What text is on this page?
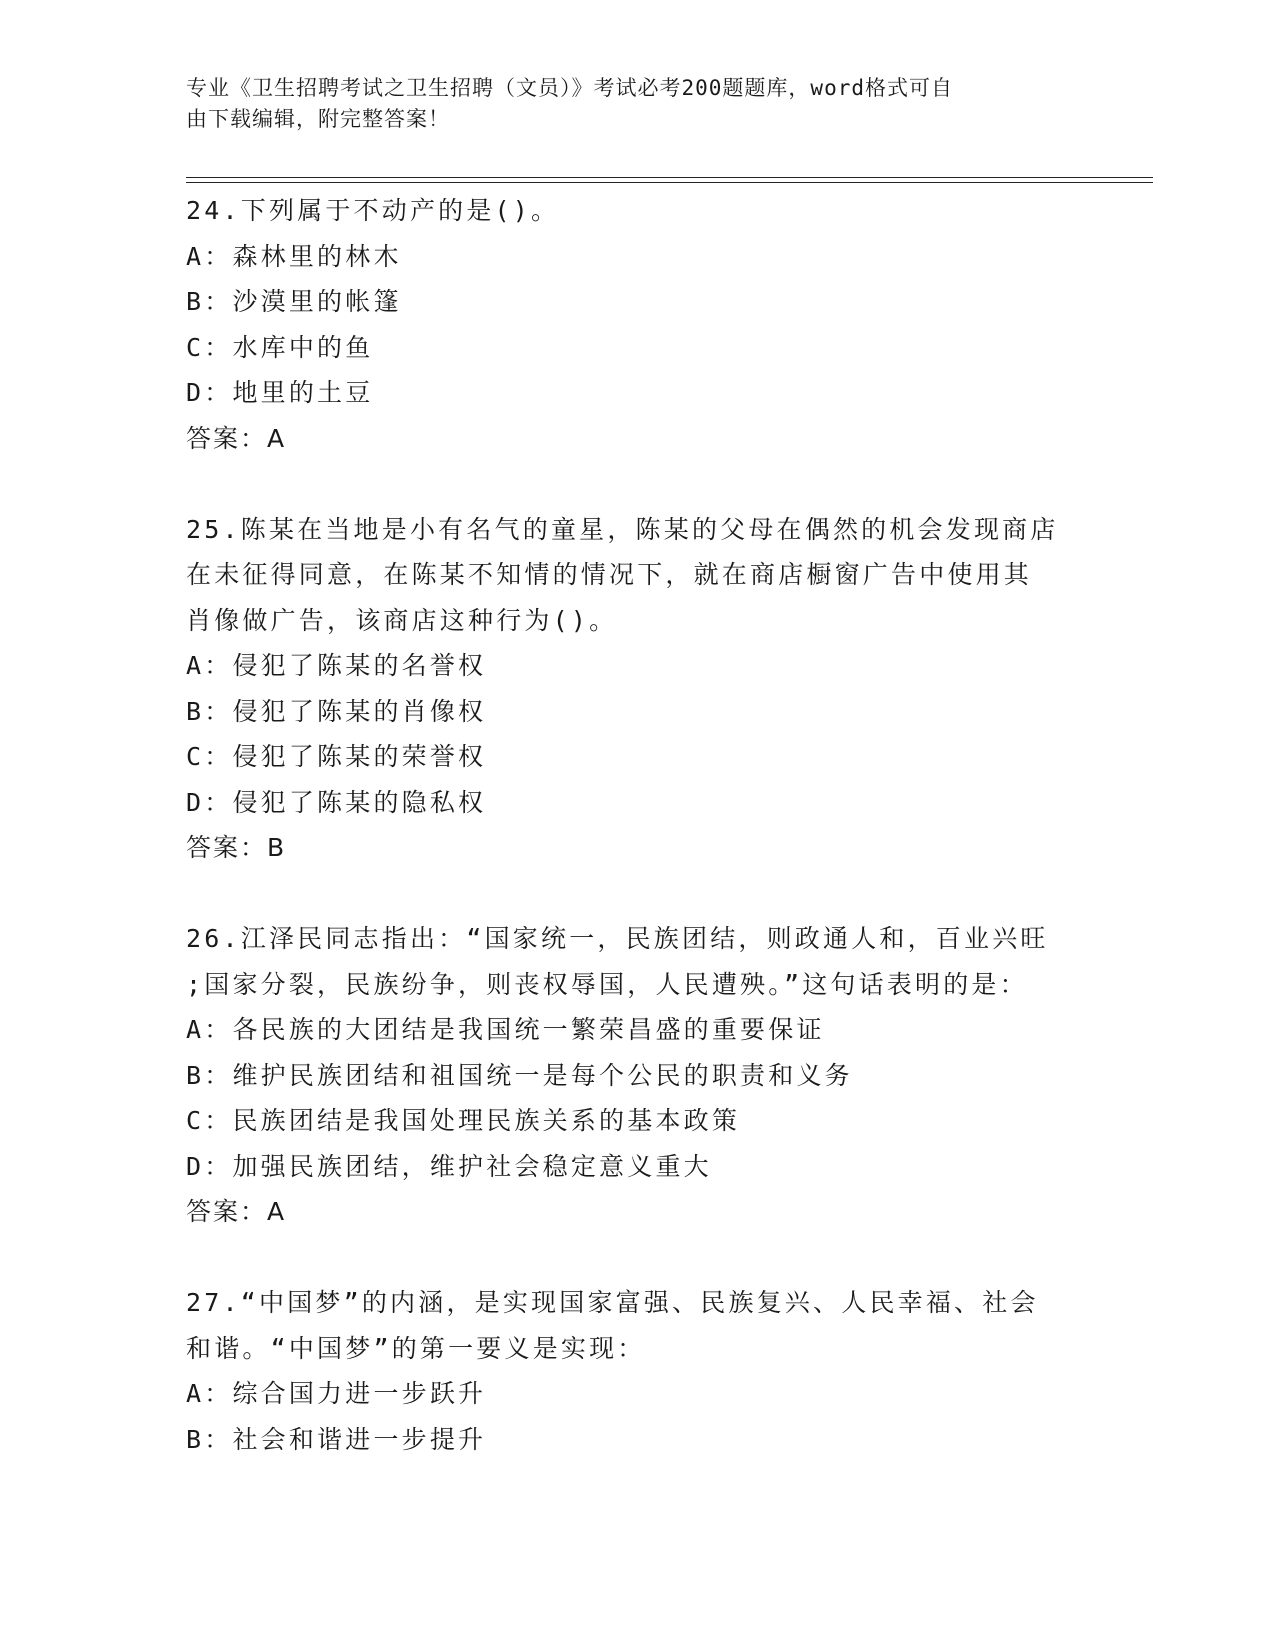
专业《卫生招聘考试之卫生招聘（文员）》考试必考200题题库，word格式可自
由下载编辑，附完整答案！
24.下列属于不动产的是()。
A：森林里的林木
B：沙漠里的帐篷
C：水库中的鱼
D：地里的土豆
答案：A
25.陈某在当地是小有名气的童星，陈某的父母在偶然的机会发现商店
在未征得同意，在陈某不知情的情况下，就在商店橱窗广告中使用其
肖像做广告，该商店这种行为()。
A：侵犯了陈某的名誉权
B：侵犯了陈某的肖像权
C：侵犯了陈某的荣誉权
D：侵犯了陈某的隐私权
答案：B
26.江泽民同志指出：“国家统一，民族团结，则政通人和，百业兴旺
;国家分裂，民族纷争，则丧权辱国，人民遭殃。”这句话表明的是：
A：各民族的大团结是我国统一繁荣昌盛的重要保证
B：维护民族团结和祖国统一是每个公民的职责和义务
C：民族团结是我国处理民族关系的基本政策
D：加强民族团结，维护社会稳定意义重大
答案：A
27.“中国梦”的内涵，是实现国家富强、民族复兴、人民幸福、社会
和谐。“中国梦”的第一要义是实现：
A：综合国力进一步跃升
B：社会和谐进一步提升
